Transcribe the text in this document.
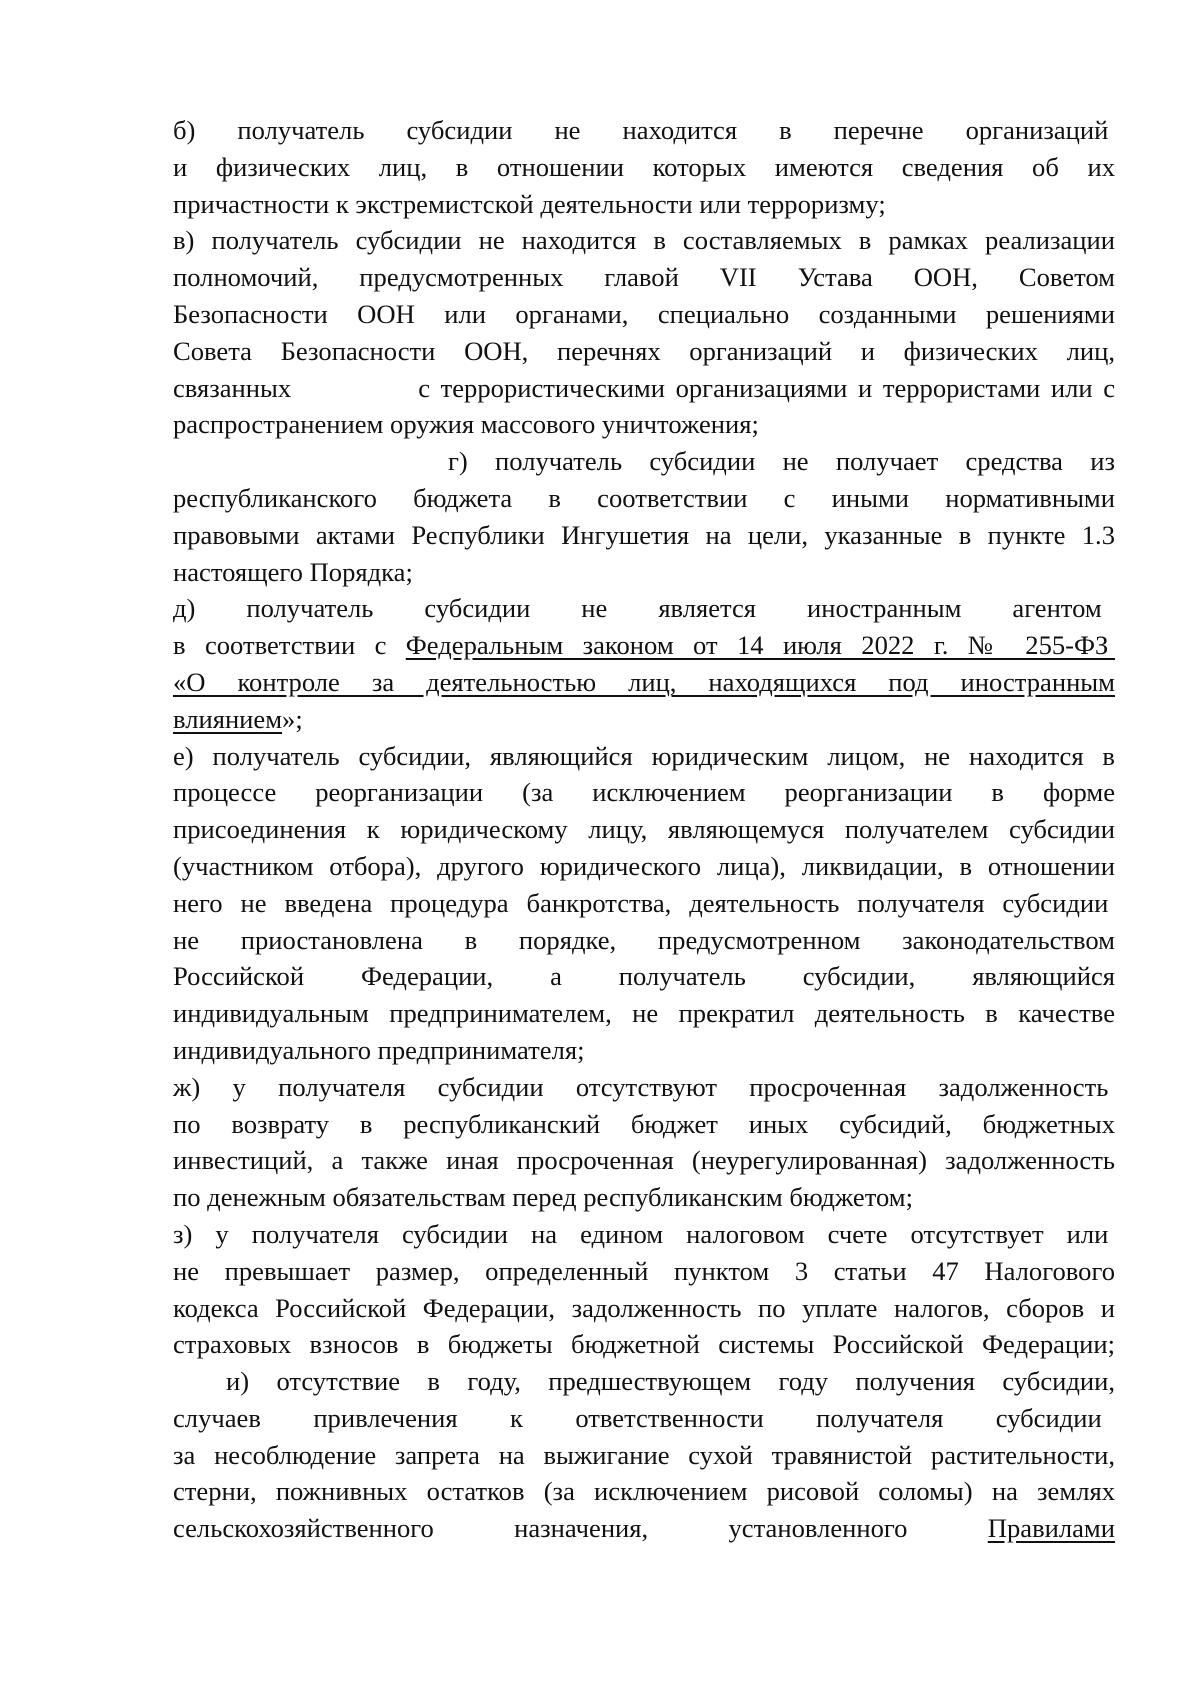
б)    получатель    субсидии    не    находится    в    перечне    организаций
и физических лиц, в отношении которых имеются сведения об их
причастности к экстремистской деятельности или терроризму;
в) получатель субсидии не находится в составляемых в рамках реализации
полномочий, предусмотренных главой VII Устава ООН, Советом
Безопасности ООН или органами, специально созданными решениями
Совета Безопасности ООН, перечнях организаций и физических лиц,
связанных            с террористическими организациями и террористами или с
распространением оружия массового уничтожения;
г) получатель субсидии не получает средства из
республиканского бюджета в соответствии с иными нормативными
правовыми актами Республики Ингушетия на цели, указанные в пункте 1.3
настоящего Порядка;
д)    получатель    субсидии    не    является    иностранным    агентом
в соответствии с Федеральным законом от 14 июля 2022 г. № 255-ФЗ
«О контроле за деятельностью лиц, находящихся под иностранным
влиянием»;
е) получатель субсидии, являющийся юридическим лицом, не находится в
процессе реорганизации (за исключением реорганизации в форме
присоединения к юридическому лицу, являющемуся получателем субсидии
(участником отбора), другого юридического лица), ликвидации, в отношении
него не введена процедура банкротства, деятельность получателя субсидии
не приостановлена в порядке, предусмотренном законодательством
Российской Федерации, а получатель субсидии, являющийся
индивидуальным предпринимателем, не прекратил деятельность в качестве
индивидуального предпринимателя;
ж) у получателя субсидии отсутствуют просроченная задолженность
по возврату в республиканский бюджет иных субсидий, бюджетных
инвестиций, а также иная просроченная (неурегулированная) задолженность
по денежным обязательствам перед республиканским бюджетом;
з) у получателя субсидии на едином налоговом счете отсутствует или
не превышает размер, определенный пунктом 3 статьи 47 Налогового
кодекса Российской Федерации, задолженность по уплате налогов, сборов и
страховых взносов в бюджеты бюджетной системы Российской Федерации;
и) отсутствие в году, предшествующем году получения субсидии,
случаев    привлечения    к    ответственности    получателя    субсидии
за несоблюдение запрета на выжигание сухой травянистой растительности,
стерни, пожнивных остатков (за исключением рисовой соломы) на землях
сельскохозяйственного назначения, установленного Правилами
